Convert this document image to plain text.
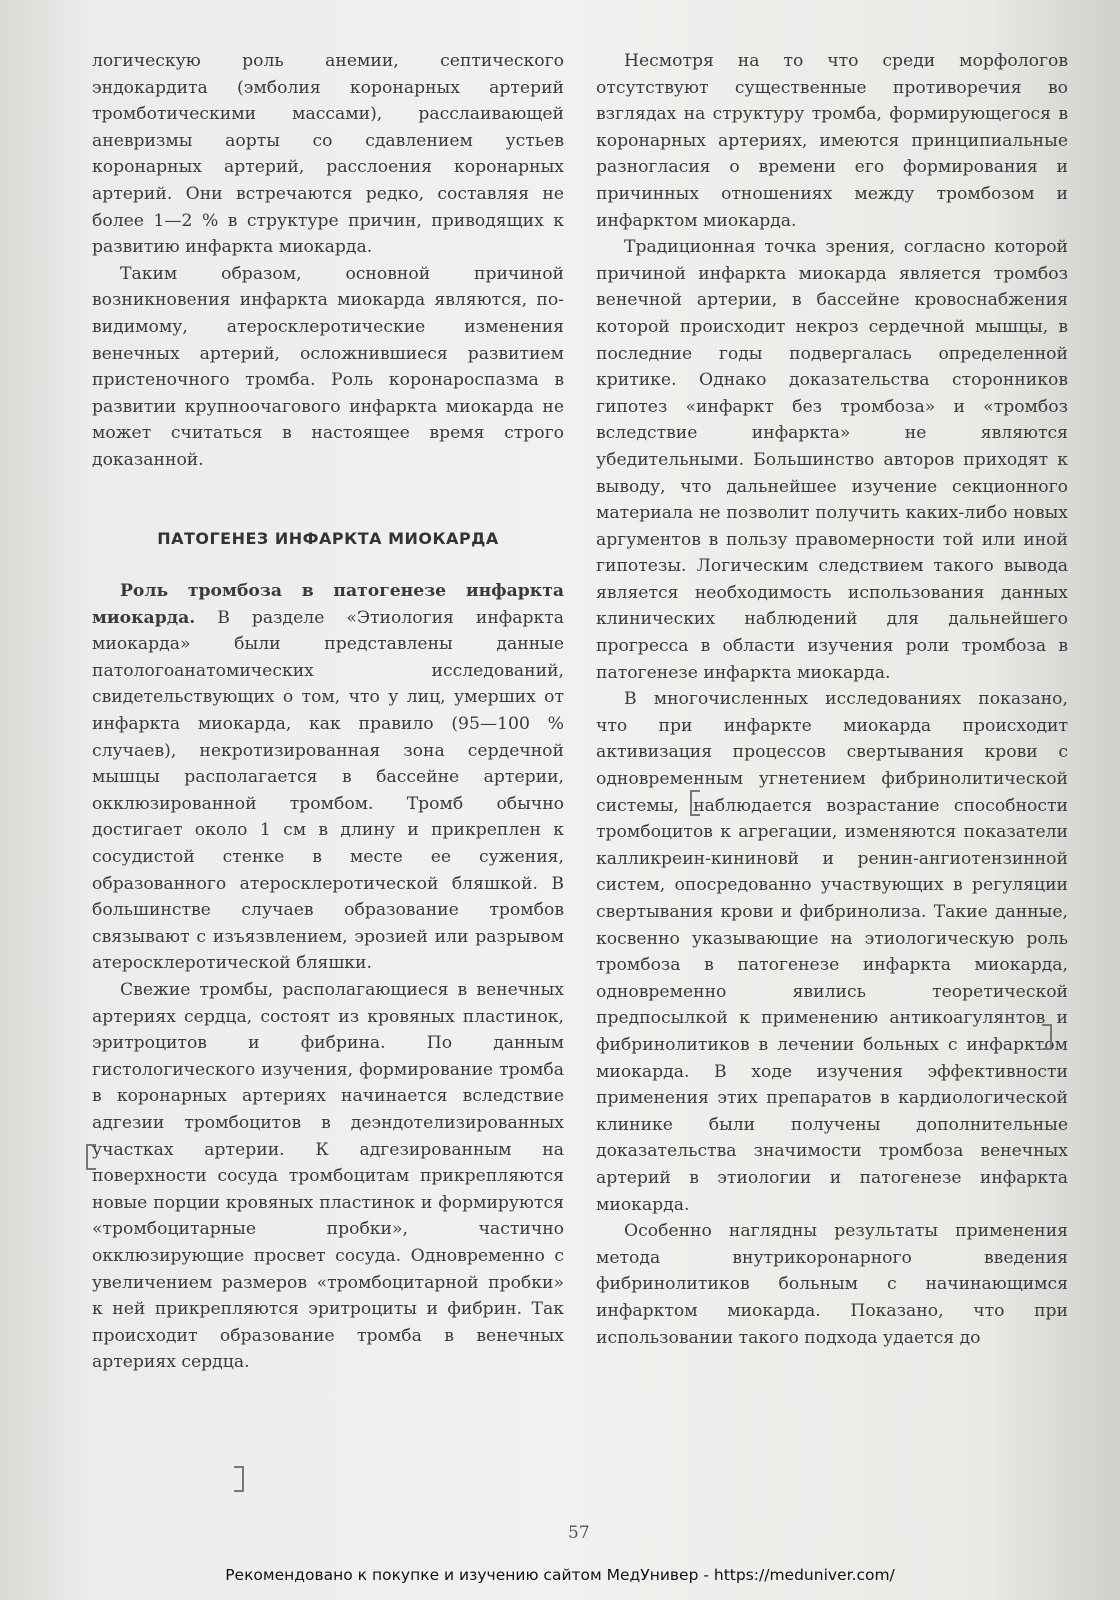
логическую роль анемии, септического эндокардита (эмболия коронарных артерий тромботическими массами), расслаивающей аневризмы аорты со сдавлением устьев коронарных артерий, расслоения коронарных артерий. Они встречаются редко, составляя не более 1—2 % в структуре причин, приводящих к развитию инфаркта миокарда.

Таким образом, основной причиной возникновения инфаркта миокарда являются, по-видимому, атеросклеротические изменения венечных артерий, осложнившиеся развитием пристеночного тромба. Роль коронароспазма в развитии крупноочагового инфаркта миокарда не может считаться в настоящее время строго доказанной.

ПАТОГЕНЕЗ ИНФАРКТА МИОКАРДА

Роль тромбоза в патогенезе инфаркта миокарда. В разделе «Этиология инфаркта миокарда» были представлены данные патологоанатомических исследований, свидетельствующих о том, что у лиц, умерших от инфаркта миокарда, как правило (95—100 % случаев), некротизированная зона сердечной мышцы располагается в бассейне артерии, окклюзированной тромбом. Тромб обычно достигает около 1 см в длину и прикреплен к сосудистой стенке в месте ее сужения, образованного атеросклеротической бляшкой. В большинстве случаев образование тромбов связывают с изъязвлением, эрозией или разрывом атеросклеротической бляшки.

Свежие тромбы, располагающиеся в венечных артериях сердца, состоят из кровяных пластинок, эритроцитов и фибрина. По данным гистологического изучения, формирование тромба в коронарных артериях начинается вследствие адгезии тромбоцитов в деэндотелизированных участках артерии. К адгезированным на поверхности сосуда тромбоцитам прикрепляются новые порции кровяных пластинок и формируются «тромбоцитарные пробки», частично окклюзирующие просвет сосуда. Одновременно с увеличением размеров «тромбоцитарной пробки» к ней прикрепляются эритроциты и фибрин. Так происходит образование тромба в венечных артериях сердца.

Несмотря на то что среди морфологов отсутствуют существенные противоречия во взглядах на структуру тромба, формирующегося в коронарных артериях, имеются принципиальные разногласия о времени его формирования и причинных отношениях между тромбозом и инфарктом миокарда.

Традиционная точка зрения, согласно которой причиной инфаркта миокарда является тромбоз венечной артерии, в бассейне кровоснабжения которой происходит некроз сердечной мышцы, в последние годы подвергалась определенной критике. Однако доказательства сторонников гипотез «инфаркт без тромбоза» и «тромбоз вследствие инфаркта» не являются убедительными. Большинство авторов приходят к выводу, что дальнейшее изучение секционного материала не позволит получить каких-либо новых аргументов в пользу правомерности той или иной гипотезы. Логическим следствием такого вывода является необходимость использования данных клинических наблюдений для дальнейшего прогресса в области изучения роли тромбоза в патогенезе инфаркта миокарда.

В многочисленных исследованиях показано, что при инфаркте миокарда происходит активизация процессов свертывания крови с одновременным угнетением фибринолитической системы, наблюдается возрастание способности тромбоцитов к агрегации, изменяются показатели калликреин-кининовй и ренин-ангиотензинной систем, опосредованно участвующих в регуляции свертывания крови и фибринолиза. Такие данные, косвенно указывающие на этиологическую роль тромбоза в патогенезе инфаркта миокарда, одновременно явились теоретической предпосылкой к применению антикоагулянтов и фибринолитиков в лечении больных с инфарктом миокарда. В ходе изучения эффективности применения этих препаратов в кардиологической клинике были получены дополнительные доказательства значимости тромбоза венечных артерий в этиологии и патогенезе инфаркта миокарда.

Особенно наглядны результаты применения метода внутрикоронарного введения фибринолитиков больным с начинающимся инфарктом миокарда. Показано, что при использовании такого подхода удается до

57
Рекомендовано к покупке и изучению сайтом МедУнивер - https://meduniver.com/
